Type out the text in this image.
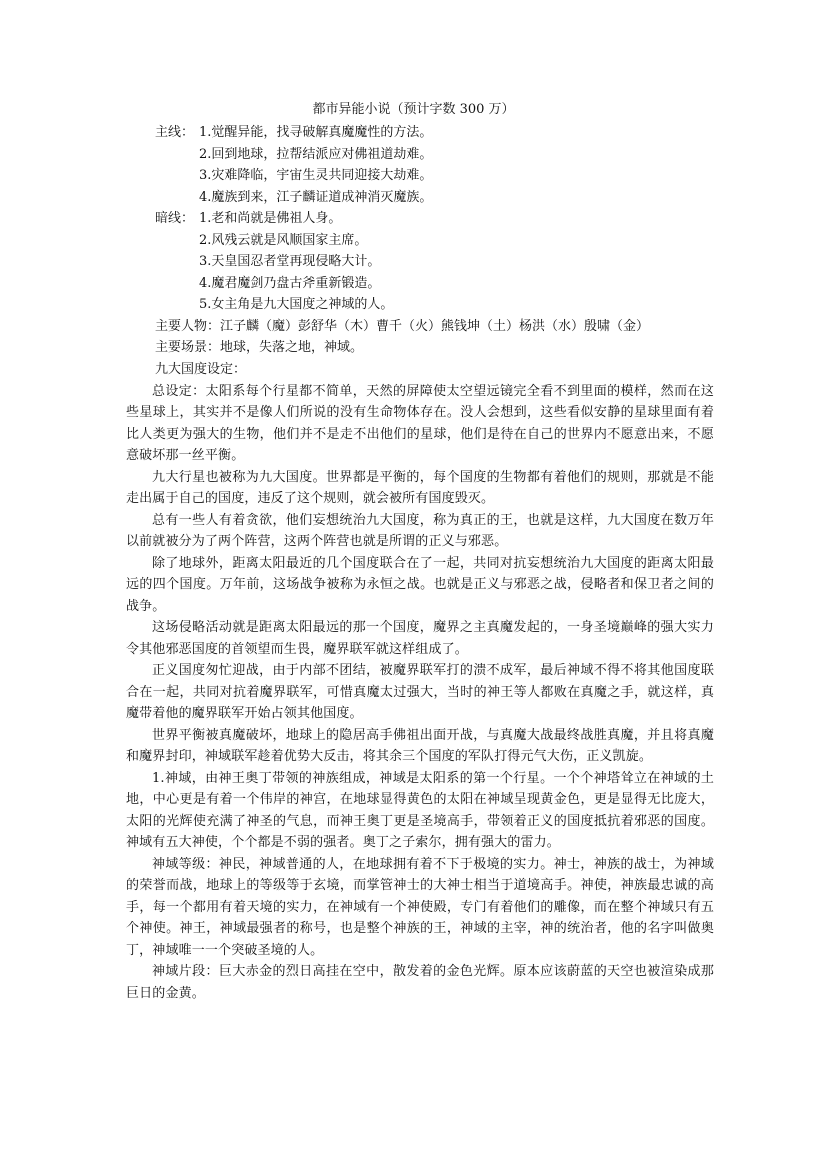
都市异能小说（预计字数 300 万）
主线： 1.觉醒异能，找寻破解真魔魔性的方法。
2.回到地球，拉帮结派应对佛祖道劫难。
3.灾难降临，宇宙生灵共同迎接大劫难。
4.魔族到来，江子麟证道成神消灭魔族。
暗线： 1.老和尚就是佛祖人身。
2.风残云就是风顺国家主席。
3.天皇国忍者堂再现侵略大计。
4.魔君魔剑乃盘古斧重新锻造。
5.女主角是九大国度之神域的人。
主要人物：江子麟（魔）彭舒华（木）曹千（火）熊钱坤（土）杨洪（水）殷啸（金）
主要场景：地球，失落之地，神域。
九大国度设定：

总设定：太阳系每个行星都不简单，天然的屏障使太空望远镜完全看不到里面的模样，然而在这些星球上，其实并不是像人们所说的没有生命物体存在。没人会想到，这些看似安静的星球里面有着比人类更为强大的生物，他们并不是走不出他们的星球，他们是待在自己的世界内不愿意出来，不愿意破坏那一丝平衡。

九大行星也被称为九大国度。世界都是平衡的，每个国度的生物都有着他们的规则，那就是不能走出属于自己的国度，违反了这个规则，就会被所有国度毁灭。

总有一些人有着贪欲，他们妄想统治九大国度，称为真正的王，也就是这样，九大国度在数万年以前就被分为了两个阵营，这两个阵营也就是所谓的正义与邪恶。

除了地球外，距离太阳最近的几个国度联合在了一起，共同对抗妄想统治九大国度的距离太阳最远的四个国度。万年前，这场战争被称为永恒之战。也就是正义与邪恶之战，侵略者和保卫者之间的战争。

这场侵略活动就是距离太阳最远的那一个国度，魔界之主真魔发起的，一身圣境巅峰的强大实力令其他邪恶国度的首领望而生畏，魔界联军就这样组成了。

正义国度匆忙迎战，由于内部不团结，被魔界联军打的溃不成军，最后神域不得不将其他国度联合在一起，共同对抗着魔界联军，可惜真魔太过强大，当时的神王等人都败在真魔之手，就这样，真魔带着他的魔界联军开始占领其他国度。

世界平衡被真魔破坏，地球上的隐居高手佛祖出面开战，与真魔大战最终战胜真魔，并且将真魔和魔界封印，神域联军趁着优势大反击，将其余三个国度的军队打得元气大伤，正义凯旋。

1.神域，由神王奥丁带领的神族组成，神域是太阳系的第一个行星。一个个神塔耸立在神域的土地，中心更是有着一个伟岸的神宫，在地球显得黄色的太阳在神域呈现黄金色，更是显得无比庞大，太阳的光辉使充满了神圣的气息，而神王奥丁更是圣境高手，带领着正义的国度抵抗着邪恶的国度。神域有五大神使，个个都是不弱的强者。奥丁之子索尔，拥有强大的雷力。

神域等级：神民，神域普通的人，在地球拥有着不下于极境的实力。神士，神族的战士，为神域的荣誉而战，地球上的等级等于玄境，而掌管神士的大神士相当于道境高手。神使，神族最忠诚的高手，每一个都用有着天境的实力，在神域有一个神使殿，专门有着他们的雕像，而在整个神域只有五个神使。神王，神域最强者的称号，也是整个神族的王，神域的主宰，神的统治者，他的名字叫做奥丁，神域唯一一个突破圣境的人。

神域片段：巨大赤金的烈日高挂在空中，散发着的金色光辉。原本应该蔚蓝的天空也被渲染成那巨日的金黄。
